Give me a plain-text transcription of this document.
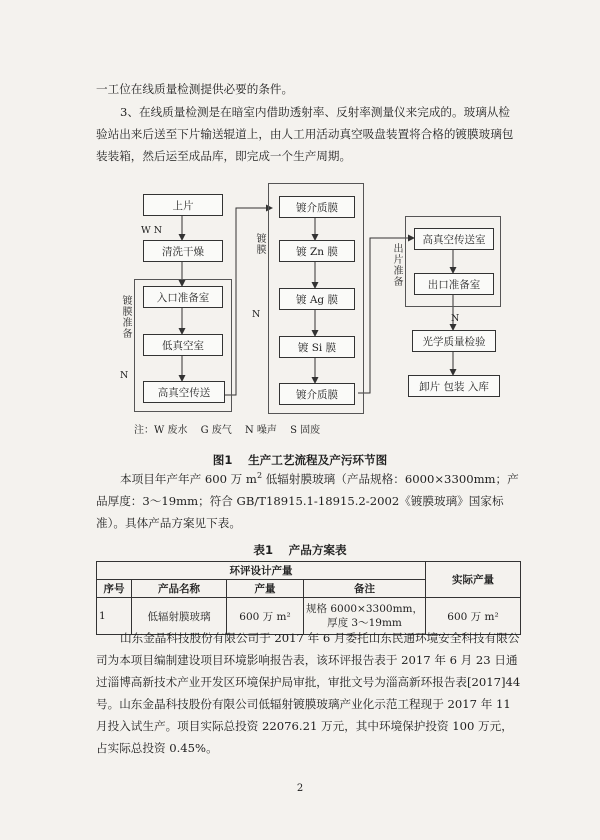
一工位在线质量检测提供必要的条件。

3、在线质量检测是在暗室内借助透射率、反射率测量仪来完成的。玻璃从检验站出来后送至下片输送辊道上，由人工用活动真空吸盘装置将合格的镀膜玻璃包装装箱，然后运至成品库，即完成一个生产周期。

上片
清洗干燥
入口准备室
低真空室
高真空传送
镀介质膜
镀 Zn 膜
镀 Ag 膜
镀 Si 膜
镀介质膜
高真空传送室
出口准备室
光学质量检验
卸片 包装 入库
镀膜准备
镀膜	出片准备
W N
N
N	N
注：W 废水　 G 废气　 N 噪声　 S 固废
图1　 生产工艺流程及产污环节图

本项目年产年产 600 万 $m^2$ 低辐射膜玻璃（产品规格：6000×3300mm；产品厚度：3～19mm；符合 GB/T18915.1-18915.2-2002《镀膜玻璃》国家标准）。具体产品方案见下表。

表1　 产品方案表
环评设计产量				实际产量
序号	产品名称	产量	备注	
1	低辐射膜玻璃	600 万 m²	规格 6000×3300mm，
厚度 3～19mm	600 万 m²

山东金晶科技股份有限公司于 2017 年 6 月委托山东民通环境安全科技有限公司为本项目编制建设项目环境影响报告表，该环评报告表于 2017 年 6 月 23 日通过淄博高新技术产业开发区环境保护局审批，审批文号为淄高新环报告表[2017]44 号。山东金晶科技股份有限公司低辐射镀膜玻璃产业化示范工程现于 2017 年 11 月投入试生产。项目实际总投资 22076.21 万元，其中环境保护投资 100 万元，占实际总投资 0.45%。

2
